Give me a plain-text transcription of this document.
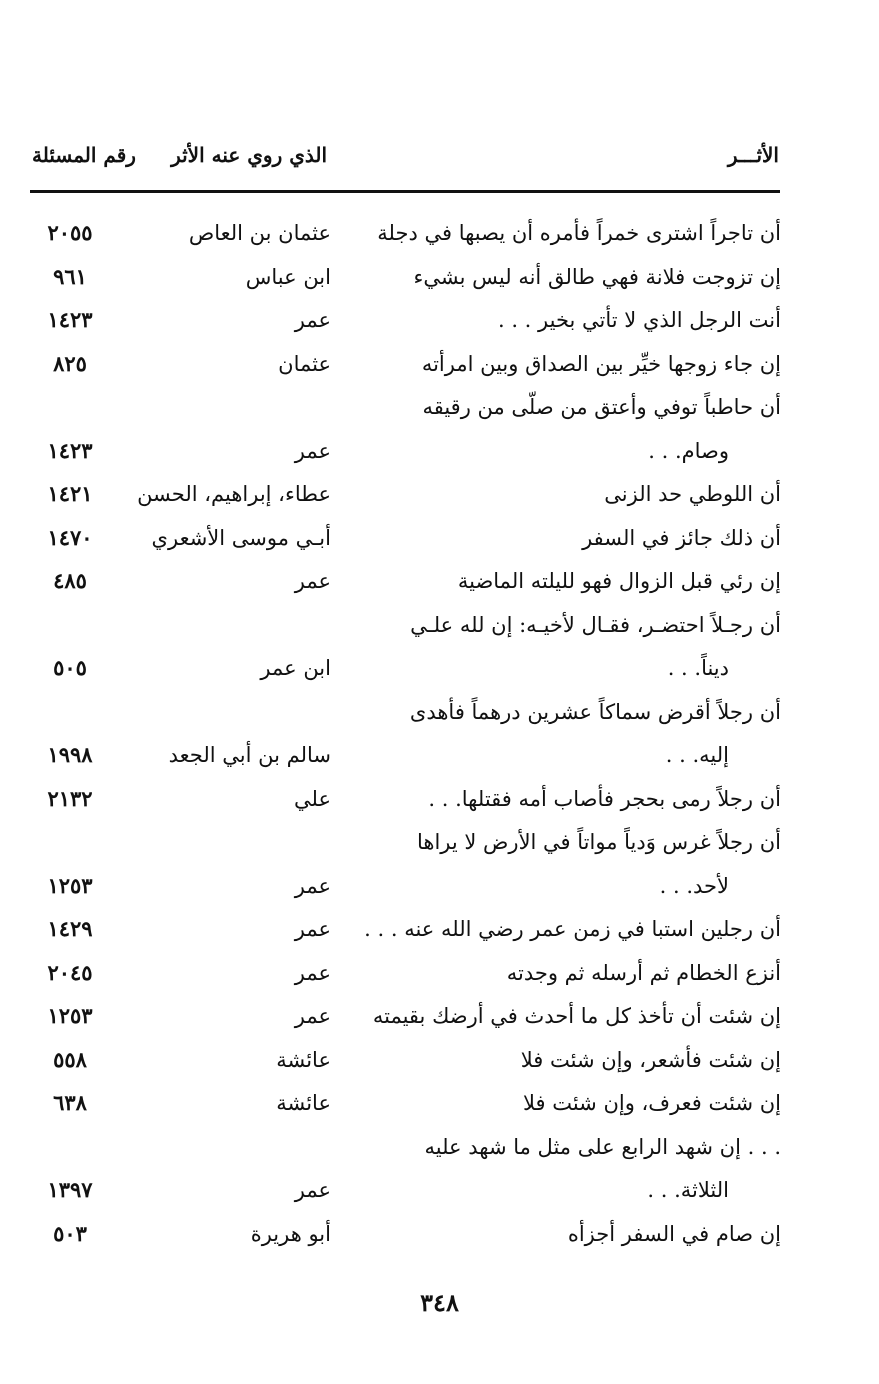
الأثـــر
الذي روي عنه الأثر
رقم المسئلة
أن تاجراً اشترى خمراً فأمره أن يصبها في دجلة
عثمان بن العاص
٢٠٥٥
إن تزوجت فلانة فهي طالق أنه ليس بشيء
ابن عباس
٩٦١
أنت الرجل الذي لا تأتي بخير . . .
عمر
١٤٢٣
إن جاء زوجها خيِّر بين الصداق وبين امرأته
عثمان
٨٢٥
أن حاطباً توفي وأعتق من صلّى من رقيقه
وصام. . .
عمر
١٤٢٣
أن اللوطي حد الزنى
عطاء، إبراهيم، الحسن
١٤٢١
أن ذلك جائز في السفر
أبـي موسى الأشعري
١٤٧٠
إن رئي قبل الزوال فهو لليلته الماضية
عمر
٤٨٥
أن رجـلاً احتضـر، فقـال لأخيـه: إن لله علـي
ديناً. . .
ابن عمر
٥٠٥
أن رجلاً أقرض سماكاً عشرين درهماً فأهدى
إليه. . .
سالم بن أبي الجعد
١٩٩٨
أن رجلاً رمى بحجر فأصاب أمه فقتلها. . .
علي
٢١٣٢
أن رجلاً غرس وَدياً مواتاً في الأرض لا يراها
لأحد. . .
عمر
١٢٥٣
أن رجلين استبا في زمن عمر رضي الله عنه . . .
عمر
١٤٢٩
أنزع الخطام ثم أرسله ثم وجدته
عمر
٢٠٤٥
إن شئت أن تأخذ كل ما أحدث في أرضك بقيمته
عمر
١٢٥٣
إن شئت فأشعر، وإن شئت فلا
عائشة
٥٥٨
إن شئت فعرف، وإن شئت فلا
عائشة
٦٣٨
. . . إن شهد الرابع على مثل ما شهد عليه
الثلاثة. . .
عمر
١٣٩٧
إن صام في السفر أجزأه
أبو هريرة
٥٠٣
٣٤٨
